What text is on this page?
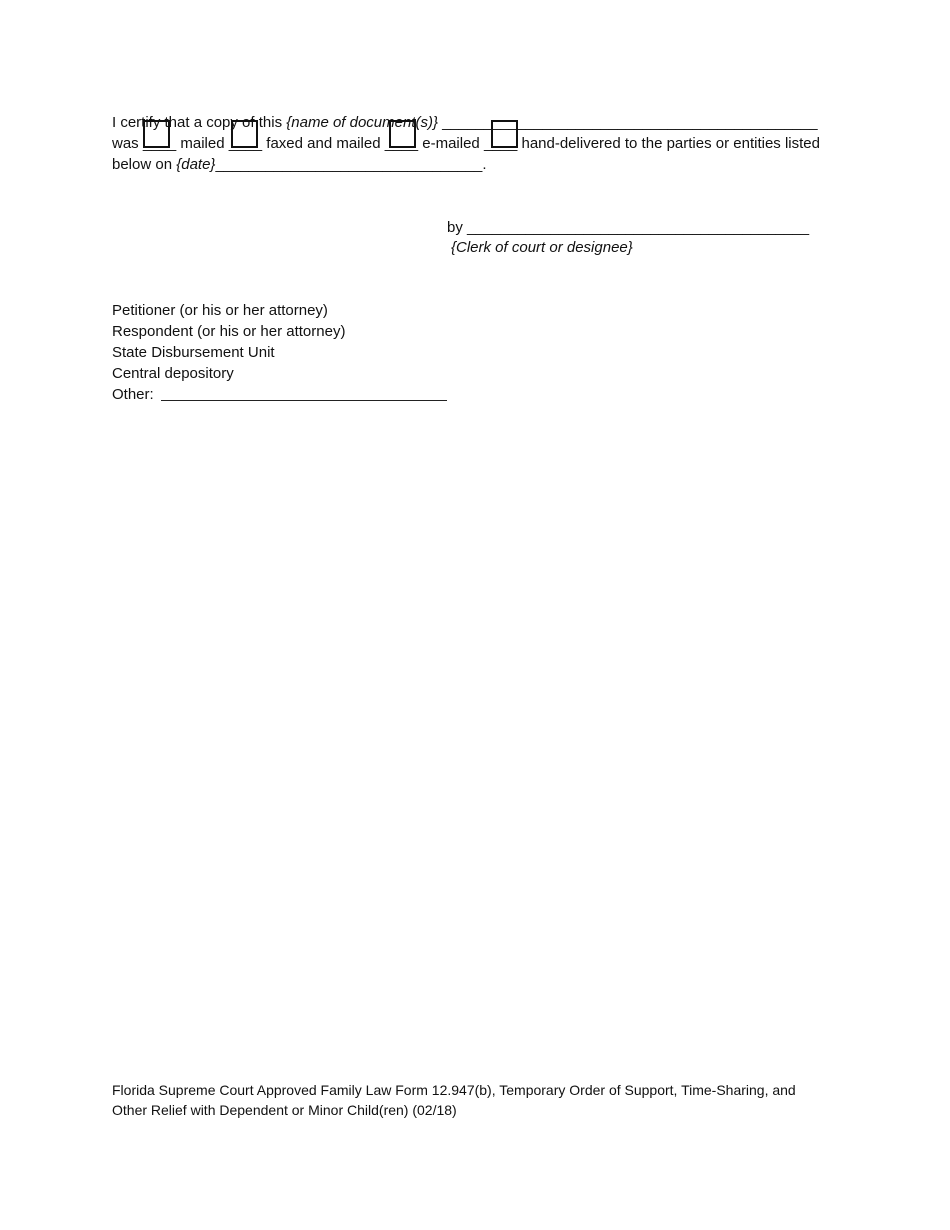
I certify that a copy of this {name of document(s)} _____________________________________________
was ____ mailed ____ faxed and mailed ____ e-mailed ____ hand-delivered to the parties or entities listed
below on {date}________________________________.
by _________________________________________
{Clerk of court or designee}
Petitioner (or his or her attorney)
Respondent (or his or her attorney)
State Disbursement Unit
Central depository
Other:
Florida Supreme Court Approved Family Law Form 12.947(b), Temporary Order of Support, Time-Sharing, and
Other Relief with Dependent or Minor Child(ren) (02/18)
